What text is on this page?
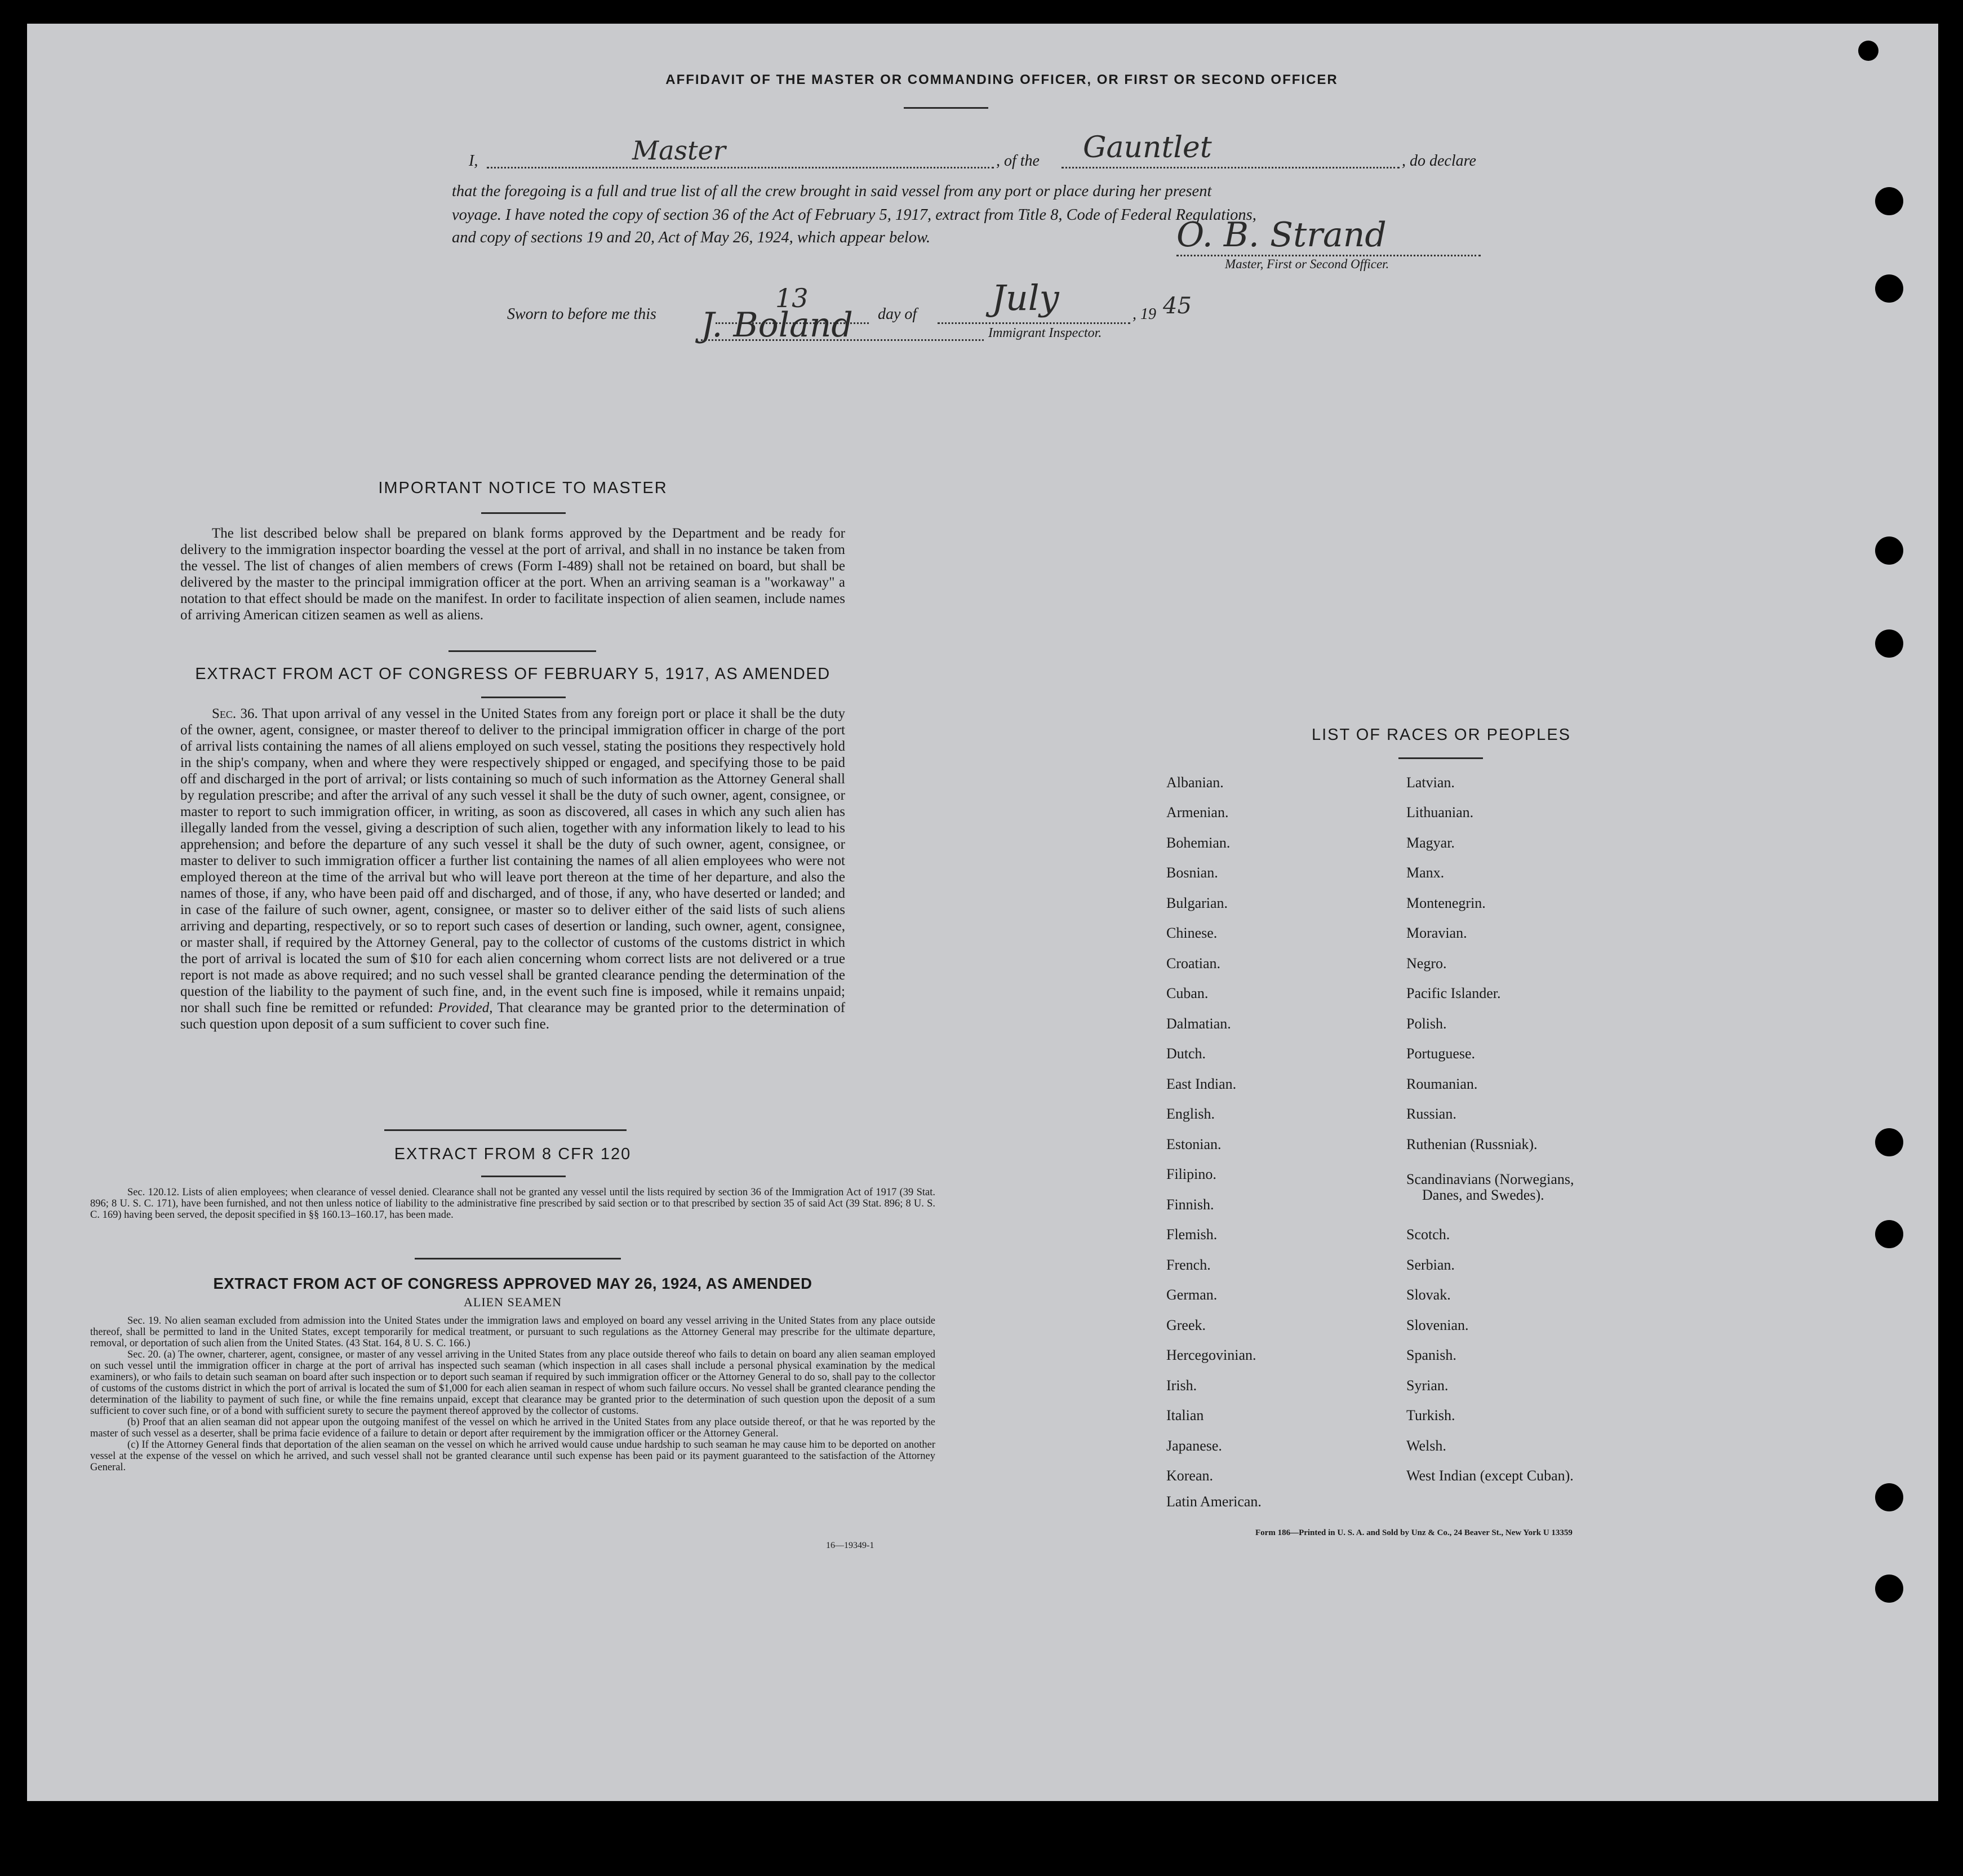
AFFIDAVIT OF THE MASTER OR COMMANDING OFFICER, OR FIRST OR SECOND OFFICER
I,	Master	, of the Gauntlet	, do declare
that the foregoing is a full and true list of all the crew brought in said vessel from any port or place during her present
voyage. I have noted the copy of section 36 of the Act of February 5, 1917, extract from Title 8, Code of Federal Regulations,
and copy of sections 19 and 20, Act of May 26, 1924, which appear below.	O. B. Strand
Master, First or Second Officer.
Sworn to before me this
13
day of July	, 19 45
J. Boland	Immigrant Inspector.
IMPORTANT NOTICE TO MASTER
The list described below shall be prepared on blank forms approved by the Department and be ready for delivery to the immigration inspector boarding the vessel at the port of arrival, and shall in no instance be taken from the vessel. The list of changes of alien members of crews (Form I-489) shall not be retained on board, but shall be delivered by the master to the principal immigration officer at the port. When an arriving seaman is a "workaway" a notation to that effect should be made on the manifest. In order to facilitate inspection of alien seamen, include names of arriving American citizen seamen as well as aliens.
EXTRACT FROM ACT OF CONGRESS OF FEBRUARY 5, 1917, AS AMENDED
Sec. 36. That upon arrival of any vessel in the United States from any foreign port or place it shall be the duty of the owner, agent, consignee, or master thereof to deliver to the principal immigration officer in charge of the port of arrival lists containing the names of all aliens employed on such vessel, stating the positions they respectively hold in the ship's company, when and where they were respectively shipped or engaged, and specifying those to be paid off and discharged in the port of arrival; or lists containing so much of such information as the Attorney General shall by regulation prescribe; and after the arrival of any such vessel it shall be the duty of such owner, agent, consignee, or master to report to such immigration officer, in writing, as soon as discovered, all cases in which any such alien has illegally landed from the vessel, giving a description of such alien, together with any information likely to lead to his apprehension; and before the departure of any such vessel it shall be the duty of such owner, agent, consignee, or master to deliver to such immigration officer a further list containing the names of all alien employees who were not employed thereon at the time of the arrival but who will leave port thereon at the time of her departure, and also the names of those, if any, who have been paid off and discharged, and of those, if any, who have deserted or landed; and in case of the failure of such owner, agent, consignee, or master so to deliver either of the said lists of such aliens arriving and departing, respectively, or so to report such cases of desertion or landing, such owner, agent, consignee, or master shall, if required by the Attorney General, pay to the collector of customs of the customs district in which the port of arrival is located the sum of $10 for each alien concerning whom correct lists are not delivered or a true report is not made as above required; and no such vessel shall be granted clearance pending the determination of the question of the liability to the payment of such fine, and, in the event such fine is imposed, while it remains unpaid; nor shall such fine be remitted or refunded: Provided, That clearance may be granted prior to the determination of such question upon deposit of a sum sufficient to cover such fine.
EXTRACT FROM 8 CFR 120
Sec. 120.12. Lists of alien employees; when clearance of vessel denied. Clearance shall not be granted any vessel until the lists required by section 36 of the Immigration Act of 1917 (39 Stat. 896; 8 U. S. C. 171), have been furnished, and not then unless notice of liability to the administrative fine prescribed by said section or to that prescribed by section 35 of said Act (39 Stat. 896; 8 U. S. C. 169) having been served, the deposit specified in §§ 160.13–160.17, has been made.
EXTRACT FROM ACT OF CONGRESS APPROVED MAY 26, 1924, AS AMENDED
ALIEN SEAMEN
Sec. 19. No alien seaman excluded from admission into the United States under the immigration laws and employed on board any vessel arriving in the United States from any place outside thereof, shall be permitted to land in the United States, except temporarily for medical treatment, or pursuant to such regulations as the Attorney General may prescribe for the ultimate departure, removal, or deportation of such alien from the United States. (43 Stat. 164, 8 U. S. C. 166.)
Sec. 20. (a) The owner, charterer, agent, consignee, or master of any vessel arriving in the United States from any place outside thereof who fails to detain on board any alien seaman employed on such vessel until the immigration officer in charge at the port of arrival has inspected such seaman (which inspection in all cases shall include a personal physical examination by the medical examiners), or who fails to detain such seaman on board after such inspection or to deport such seaman if required by such immigration officer or the Attorney General to do so, shall pay to the collector of customs of the customs district in which the port of arrival is located the sum of $1,000 for each alien seaman in respect of whom such failure occurs. No vessel shall be granted clearance pending the determination of the liability to payment of such fine, or while the fine remains unpaid, except that clearance may be granted prior to the determination of such question upon the deposit of a sum sufficient to cover such fine, or of a bond with sufficient surety to secure the payment thereof approved by the collector of customs.
(b) Proof that an alien seaman did not appear upon the outgoing manifest of the vessel on which he arrived in the United States from any place outside thereof, or that he was reported by the master of such vessel as a deserter, shall be prima facie evidence of a failure to detain or deport after requirement by the immigration officer or the Attorney General.
(c) If the Attorney General finds that deportation of the alien seaman on the vessel on which he arrived would cause undue hardship to such seaman he may cause him to be deported on another vessel at the expense of the vessel on which he arrived, and such vessel shall not be granted clearance until such expense has been paid or its payment guaranteed to the satisfaction of the Attorney General.
16—19349-1
LIST OF RACES OR PEOPLES
Albanian.
Armenian.
Bohemian.
Bosnian.
Bulgarian.
Chinese.
Croatian.
Cuban.
Dalmatian.
Dutch.
East Indian.
English.
Estonian.
Filipino.
Finnish.
Flemish.
French.
German.
Greek.
Hercegovinian.
Irish.
Italian
Japanese.
Korean.
Latin American.
Latvian.
Lithuanian.
Magyar.
Manx.
Montenegrin.
Moravian.
Negro.
Pacific Islander.
Polish.
Portuguese.
Roumanian.
Russian.
Ruthenian (Russniak).
Scandinavians (Norwegians,
Danes, and Swedes).
Scotch.
Serbian.
Slovak.
Slovenian.
Spanish.
Syrian.
Turkish.
Welsh.
West Indian (except Cuban).
Form 186—Printed in U. S. A. and Sold by Unz & Co., 24 Beaver St., New York U 13359
